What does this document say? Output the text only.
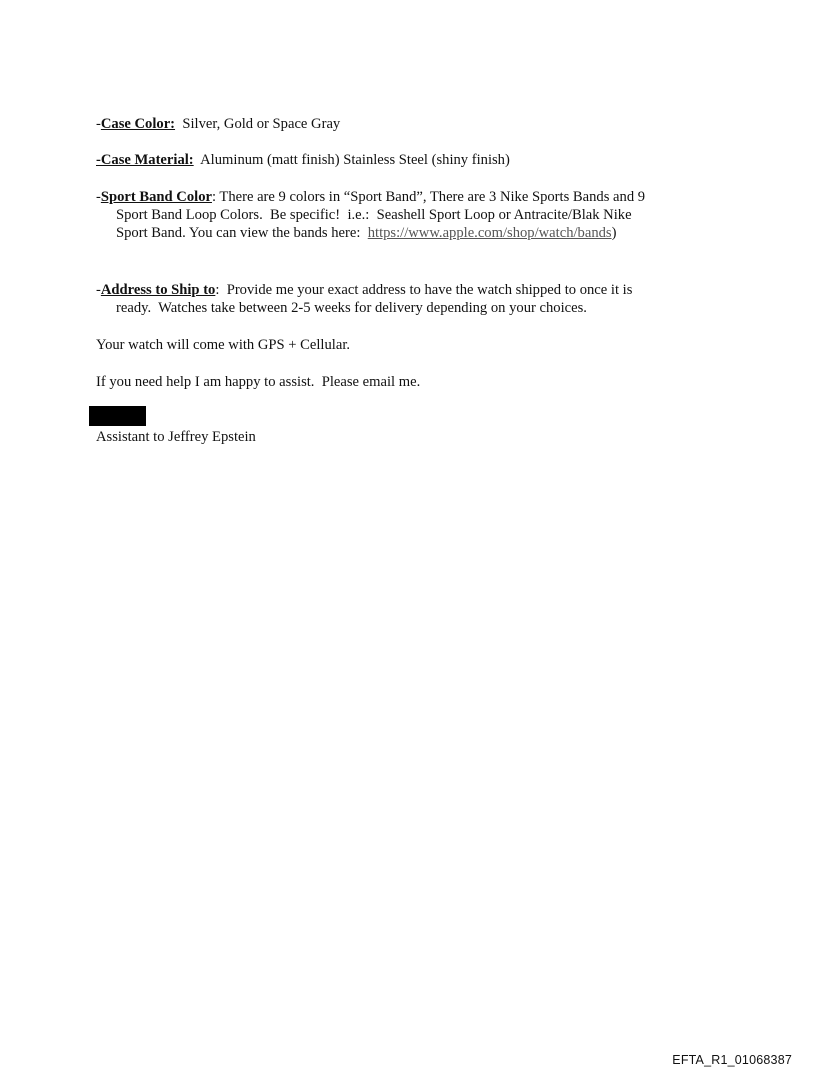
-Case Color:  Silver, Gold or Space Gray
-Case Material:  Aluminum (matt finish) Stainless Steel (shiny finish)
-Sport Band Color: There are 9 colors in “Sport Band”, There are 3 Nike Sports Bands and 9
Sport Band Loop Colors.  Be specific!  i.e.:  Seashell Sport Loop or Antracite/Blak Nike
Sport Band. You can view the bands here:  https://www.apple.com/shop/watch/bands)
-Address to Ship to:  Provide me your exact address to have the watch shipped to once it is
ready.  Watches take between 2-5 weeks for delivery depending on your choices.
Your watch will come with GPS + Cellular.
If you need help I am happy to assist.  Please email me.
Assistant to Jeffrey Epstein
EFTA_R1_01068387
